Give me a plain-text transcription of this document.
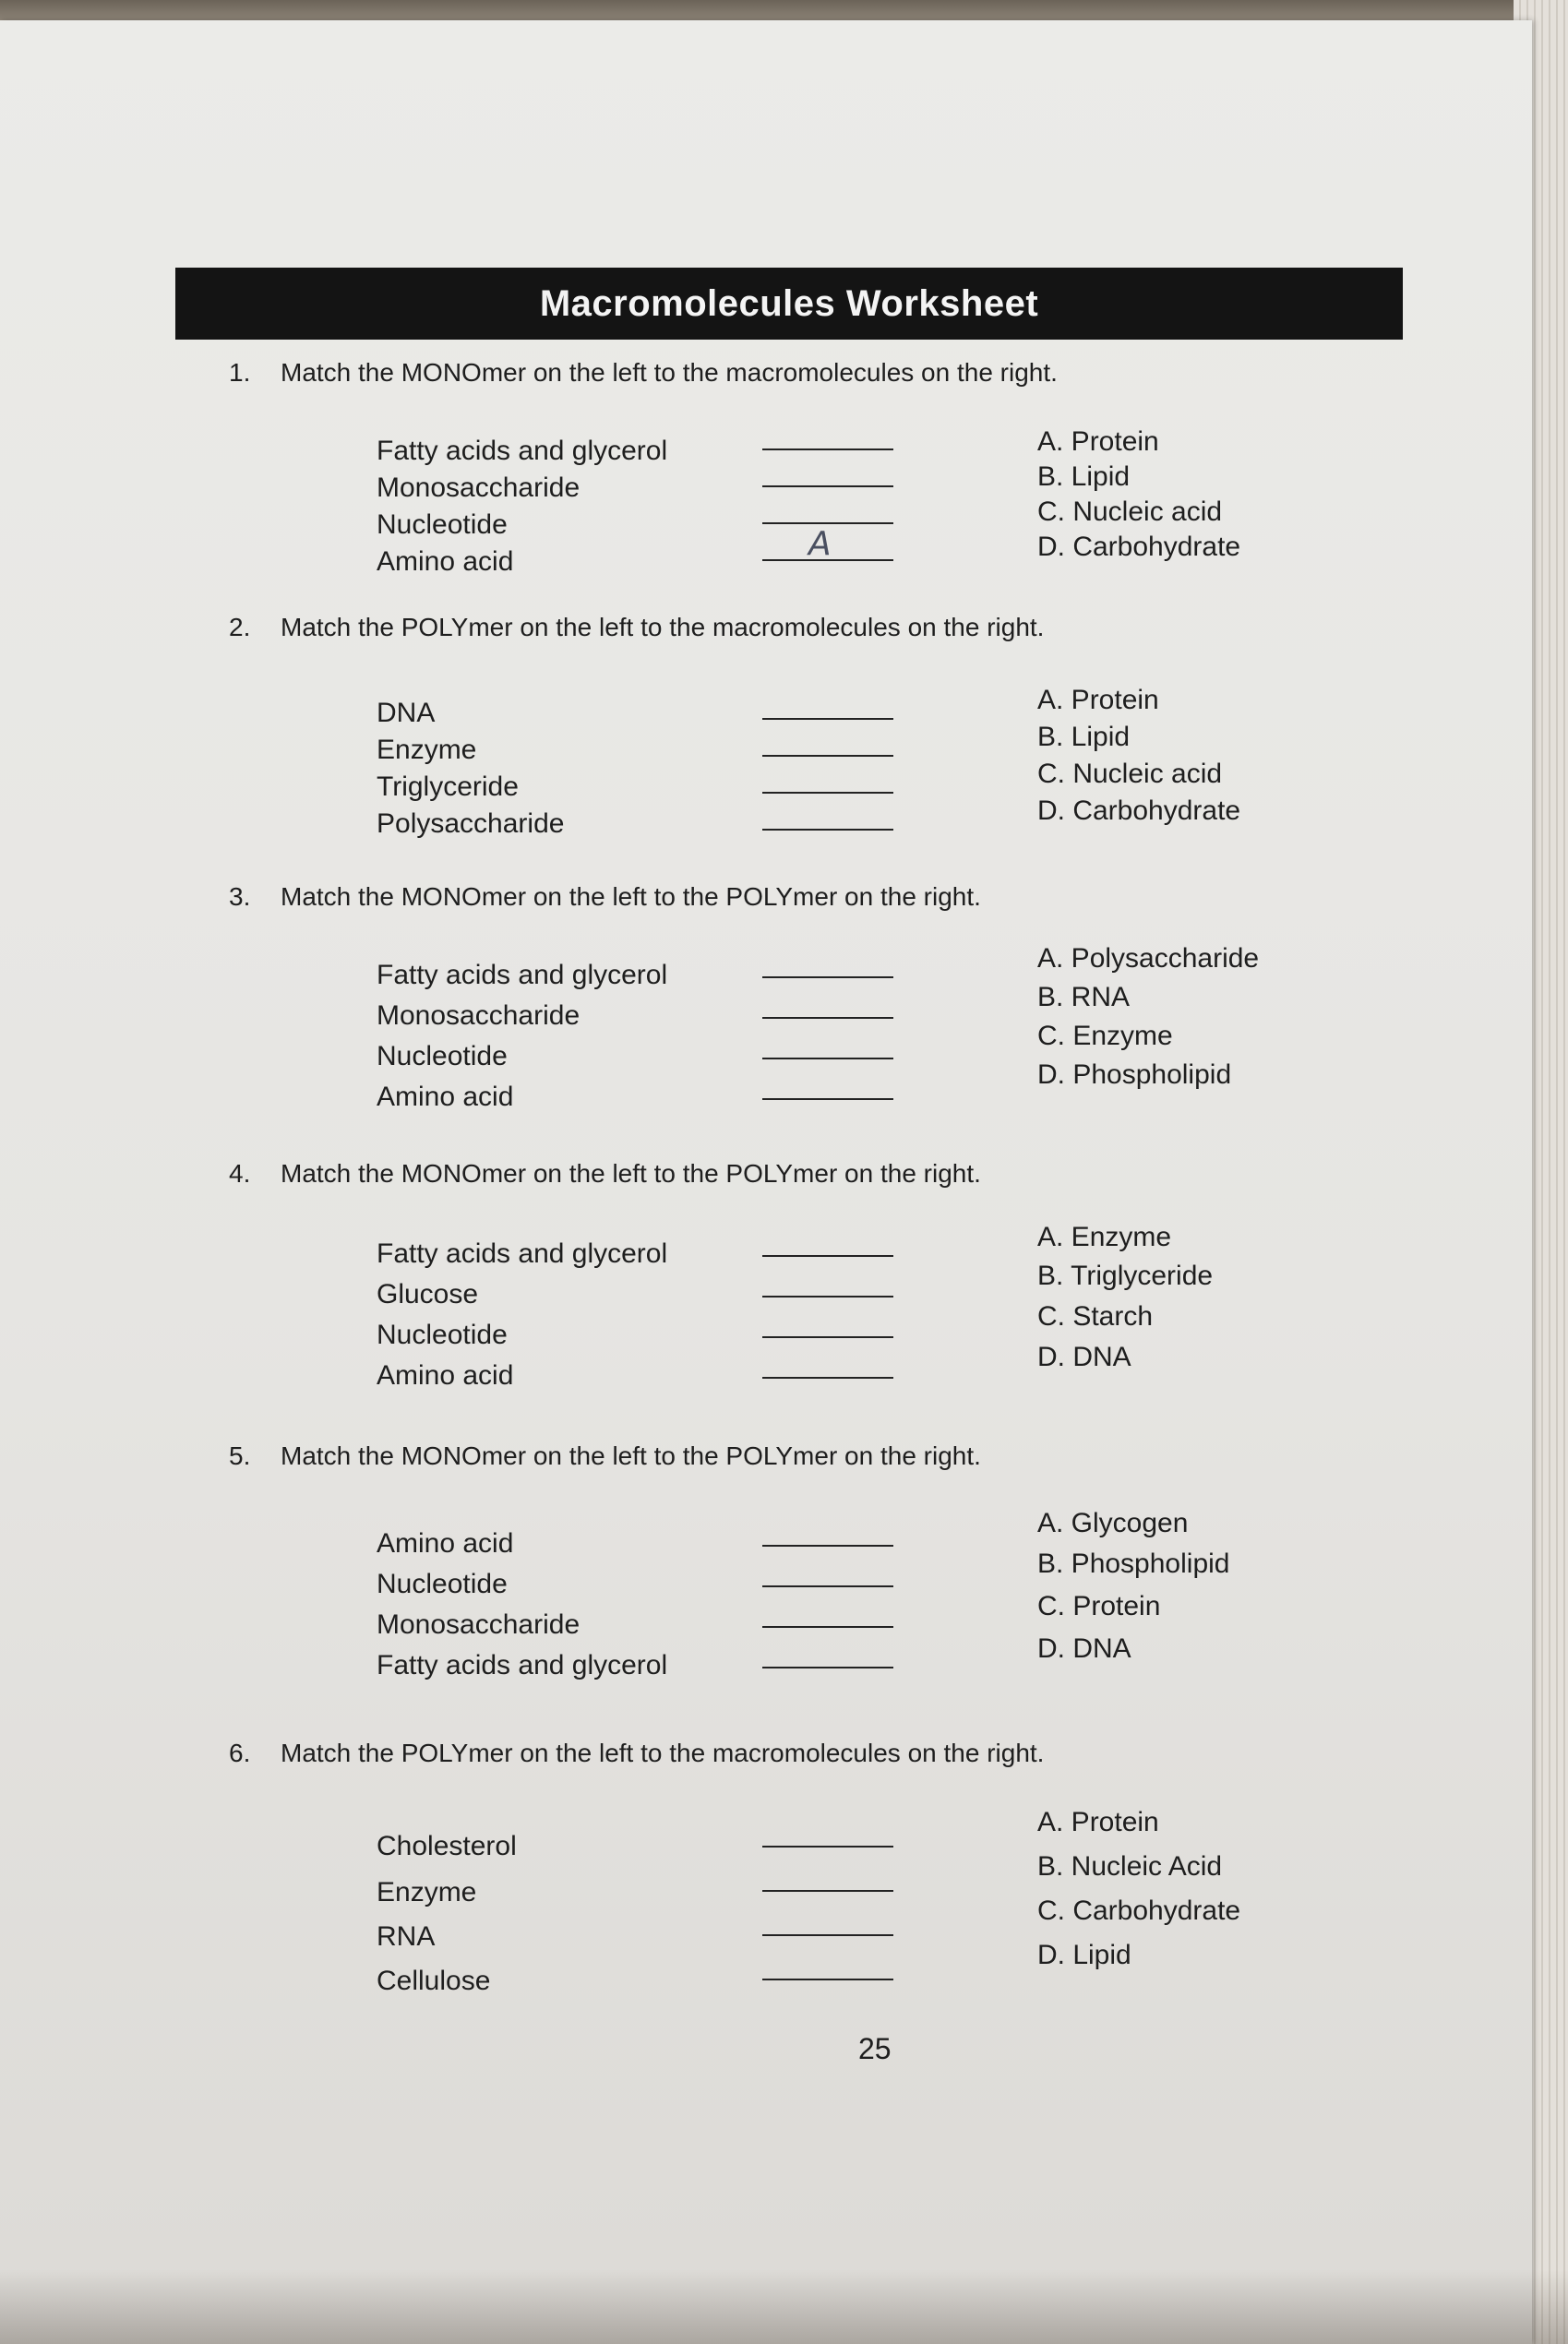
Macromolecules Worksheet
1. Match the MONOmer on the left to the macromolecules on the right.
Fatty acids and glycerol
Monosaccharide
Nucleotide
Amino acid	A
A. Protein
B. Lipid
C. Nucleic acid
D. Carbohydrate
2. Match the POLYmer on the left to the macromolecules on the right.
DNA
Enzyme
Triglyceride
Polysaccharide
A. Protein
B. Lipid
C. Nucleic acid
D. Carbohydrate
3. Match the MONOmer on the left to the POLYmer on the right.
Fatty acids and glycerol
Monosaccharide
Nucleotide
Amino acid
A. Polysaccharide
B. RNA
C. Enzyme
D. Phospholipid
4. Match the MONOmer on the left to the POLYmer on the right.
Fatty acids and glycerol
Glucose
Nucleotide
Amino acid
A. Enzyme
B. Triglyceride
C. Starch
D. DNA
5. Match the MONOmer on the left to the POLYmer on the right.
Amino acid
Nucleotide
Monosaccharide
Fatty acids and glycerol
A. Glycogen
B. Phospholipid
C. Protein
D. DNA
6. Match the POLYmer on the left to the macromolecules on the right.
Cholesterol
Enzyme
RNA
Cellulose
A. Protein
B. Nucleic Acid
C. Carbohydrate
D. Lipid
25
